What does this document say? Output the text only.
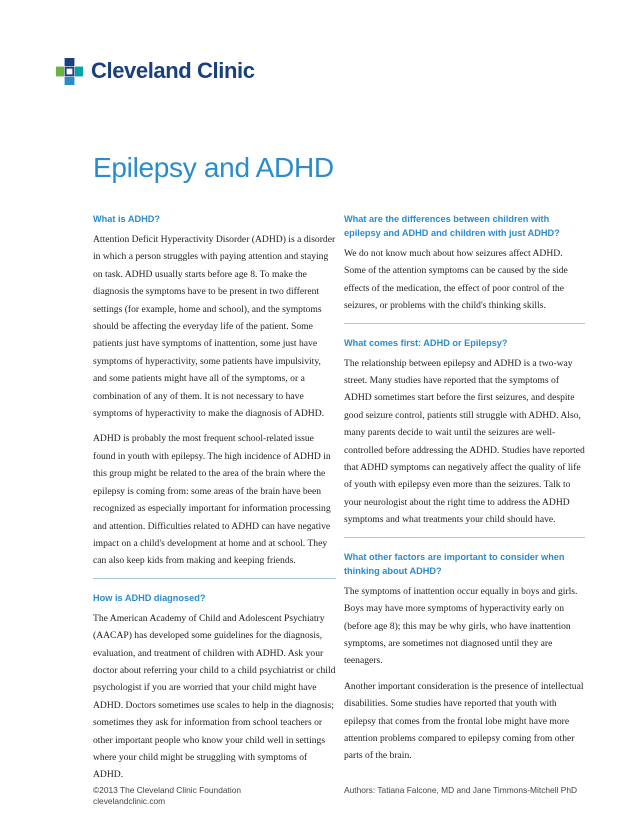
Cleveland Clinic
Epilepsy and ADHD
What is ADHD?

Attention Deficit Hyperactivity Disorder (ADHD) is a disorder in which a person struggles with paying attention and staying on task. ADHD usually starts before age 8. To make the diagnosis the symptoms have to be present in two different settings (for example, home and school), and the symptoms should be affecting the everyday life of the patient. Some patients just have symptoms of inattention, some just have symptoms of hyperactivity, some patients have impulsivity, and some patients might have all of the symptoms, or a combination of any of them. It is not necessary to have symptoms of hyperactivity to make the diagnosis of ADHD.

ADHD is probably the most frequent school-related issue found in youth with epilepsy. The high incidence of ADHD in this group might be related to the area of the brain where the epilepsy is coming from: some areas of the brain have been recognized as especially important for information processing and attention. Difficulties related to ADHD can have negative impact on a child's development at home and at school. They can also keep kids from making and keeping friends.

How is ADHD diagnosed?

The American Academy of Child and Adolescent Psychiatry (AACAP) has developed some guidelines for the diagnosis, evaluation, and treatment of children with ADHD. Ask your doctor about referring your child to a child psychiatrist or child psychologist if you are worried that your child might have ADHD. Doctors sometimes use scales to help in the diagnosis; sometimes they ask for information from school teachers or other important people who know your child well in settings where your child might be struggling with symptoms of ADHD.

What are the differences between children with epilepsy and ADHD and children with just ADHD?

We do not know much about how seizures affect ADHD. Some of the attention symptoms can be caused by the side effects of the medication, the effect of poor control of the seizures, or problems with the child's thinking skills.

What comes first: ADHD or Epilepsy?

The relationship between epilepsy and ADHD is a two-way street. Many studies have reported that the symptoms of ADHD sometimes start before the first seizures, and despite good seizure control, patients still struggle with ADHD. Also, many parents decide to wait until the seizures are well-controlled before addressing the ADHD. Studies have reported that ADHD symptoms can negatively affect the quality of life of youth with epilepsy even more than the seizures. Talk to your neurologist about the right time to address the ADHD symptoms and what treatments your child should have.

What other factors are important to consider when thinking about ADHD?

The symptoms of inattention occur equally in boys and girls. Boys may have more symptoms of hyperactivity early on (before age 8); this may be why girls, who have inattention symptoms, are sometimes not diagnosed until they are teenagers.

Another important consideration is the presence of intellectual disabilities. Some studies have reported that youth with epilepsy that comes from the frontal lobe might have more attention problems compared to epilepsy coming from other parts of the brain.

©2013 The Cleveland Clinic Foundation
clevelandclinic.com
Authors: Tatiana Falcone, MD and Jane Timmons-Mitchell PhD
